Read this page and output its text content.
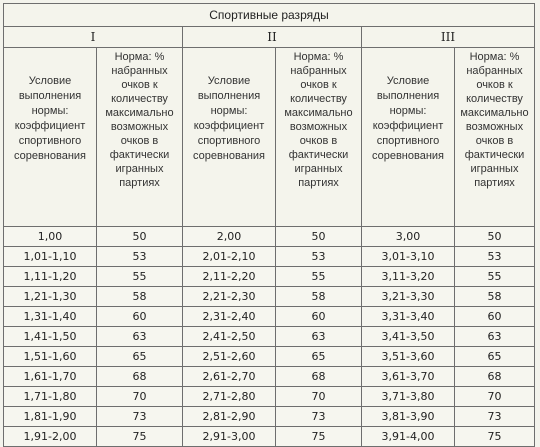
Спортивные разряды					
I		II		III	
Условие выполнения нормы: коэффициент спортивного соревнования	Норма: % набранных очков к количеству максимально возможных очков в фактически игранных партиях	Условие выполнения нормы: коэффициент спортивного соревнования	Норма: % набранных очков к количеству максимально возможных очков в фактически игранных партиях	Условие выполнения нормы: коэффициент спортивного соревнования	Норма: % набранных очков к количеству максимально возможных очков в фактически игранных партиях
1,00	50	2,00	50	3,00	50
1,01-1,10	53	2,01-2,10	53	3,01-3,10	53
1,11-1,20	55	2,11-2,20	55	3,11-3,20	55
1,21-1,30	58	2,21-2,30	58	3,21-3,30	58
1,31-1,40	60	2,31-2,40	60	3,31-3,40	60
1,41-1,50	63	2,41-2,50	63	3,41-3,50	63
1,51-1,60	65	2,51-2,60	65	3,51-3,60	65
1,61-1,70	68	2,61-2,70	68	3,61-3,70	68
1,71-1,80	70	2,71-2,80	70	3,71-3,80	70
1,81-1,90	73	2,81-2,90	73	3,81-3,90	73
1,91-2,00	75	2,91-3,00	75	3,91-4,00	75
